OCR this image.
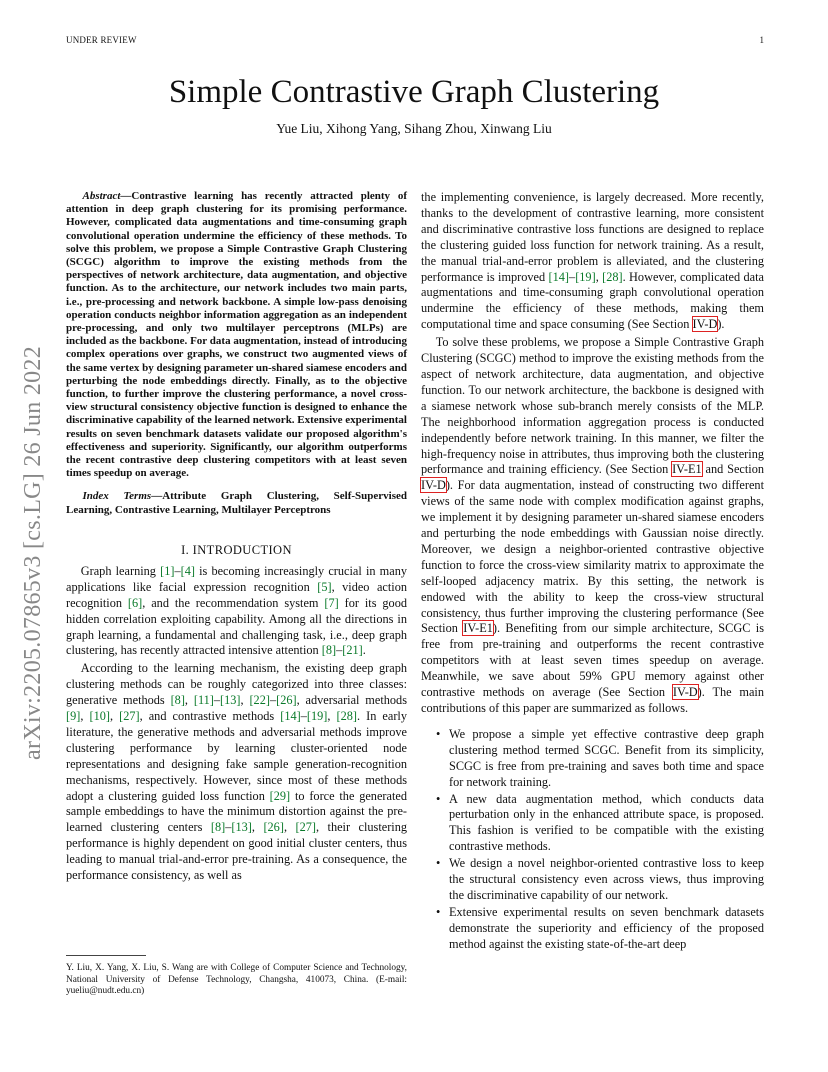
UNDER REVIEW	1
arXiv:2205.07865v3 [cs.LG] 26 Jun 2022
Simple Contrastive Graph Clustering
Yue Liu, Xihong Yang, Sihang Zhou, Xinwang Liu

Abstract—Contrastive learning has recently attracted plenty of attention in deep graph clustering for its promising performance. However, complicated data augmentations and time-consuming graph convolutional operation undermine the efficiency of these methods. To solve this problem, we propose a Simple Contrastive Graph Clustering (SCGC) algorithm to improve the existing methods from the perspectives of network architecture, data augmentation, and objective function. As to the architecture, our network includes two main parts, i.e., pre-processing and network backbone. A simple low-pass denoising operation conducts neighbor information aggregation as an independent pre-processing, and only two multilayer perceptrons (MLPs) are included as the backbone. For data augmentation, instead of introducing complex operations over graphs, we construct two augmented views of the same vertex by designing parameter un-shared siamese encoders and perturbing the node embeddings directly. Finally, as to the objective function, to further improve the clustering performance, a novel cross-view structural consistency objective function is designed to enhance the discriminative capability of the learned network. Extensive experimental results on seven benchmark datasets validate our proposed algorithm's effectiveness and superiority. Significantly, our algorithm outperforms the recent contrastive deep clustering competitors with at least seven times speedup on average.

Index Terms—Attribute Graph Clustering, Self-Supervised Learning, Contrastive Learning, Multilayer Perceptrons

I. INTRODUCTION

Graph learning [1]–[4] is becoming increasingly crucial in many applications like facial expression recognition [5], video action recognition [6], and the recommendation system [7] for its good hidden correlation exploiting capability. Among all the directions in graph learning, a fundamental and challenging task, i.e., deep graph clustering, has recently attracted intensive attention [8]–[21].

According to the learning mechanism, the existing deep graph clustering methods can be roughly categorized into three classes: generative methods [8], [11]–[13], [22]–[26], adversarial methods [9], [10], [27], and contrastive methods [14]–[19], [28]. In early literature, the generative methods and adversarial methods improve clustering performance by learning cluster-oriented node representations and designing fake sample generation-recognition mechanisms, respectively. However, since most of these methods adopt a clustering guided loss function [29] to force the generated sample embeddings to have the minimum distortion against the pre-learned clustering centers [8]–[13], [26], [27], their clustering performance is highly dependent on good initial cluster centers, thus leading to manual trial-and-error pre-training. As a consequence, the performance consistency, as well as

the implementing convenience, is largely decreased. More recently, thanks to the development of contrastive learning, more consistent and discriminative contrastive loss functions are designed to replace the clustering guided loss function for network training. As a result, the manual trial-and-error problem is alleviated, and the clustering performance is improved [14]–[19], [28]. However, complicated data augmentations and time-consuming graph convolutional operation undermine the efficiency of these methods, making them computational time and space consuming (See Section IV-D).

To solve these problems, we propose a Simple Contrastive Graph Clustering (SCGC) method to improve the existing methods from the aspect of network architecture, data augmentation, and objective function. To our network architecture, the backbone is designed with a siamese network whose sub-branch merely consists of the MLP. The neighborhood information aggregation process is conducted independently before network training. In this manner, we filter the high-frequency noise in attributes, thus improving both the clustering performance and training efficiency. (See Section IV-E1 and Section IV-D). For data augmentation, instead of constructing two different views of the same node with complex modification against graphs, we implement it by designing parameter un-shared siamese encoders and perturbing the node embeddings with Gaussian noise directly. Moreover, we design a neighbor-oriented contrastive objective function to force the cross-view similarity matrix to approximate the self-looped adjacency matrix. By this setting, the network is endowed with the ability to keep the cross-view structural consistency, thus further improving the clustering performance (See Section IV-E1). Benefiting from our simple architecture, SCGC is free from pre-training and outperforms the recent contrastive competitors with at least seven times speedup on average. Meanwhile, we save about 59% GPU memory against other contrastive methods on average (See Section IV-D). The main contributions of this paper are summarized as follows.

• We propose a simple yet effective contrastive deep graph clustering method termed SCGC. Benefit from its simplicity, SCGC is free from pre-training and saves both time and space for network training.
• A new data augmentation method, which conducts data perturbation only in the enhanced attribute space, is proposed. This fashion is verified to be compatible with the existing contrastive methods.
• We design a novel neighbor-oriented contrastive loss to keep the structural consistency even across views, thus improving the discriminative capability of our network.
• Extensive experimental results on seven benchmark datasets demonstrate the superiority and efficiency of the proposed method against the existing state-of-the-art deep
Y. Liu, X. Yang, X. Liu, S. Wang are with College of Computer Science and Technology, National University of Defense Technology, Changsha, 410073, China. (E-mail: yueliu@nudt.edu.cn)
